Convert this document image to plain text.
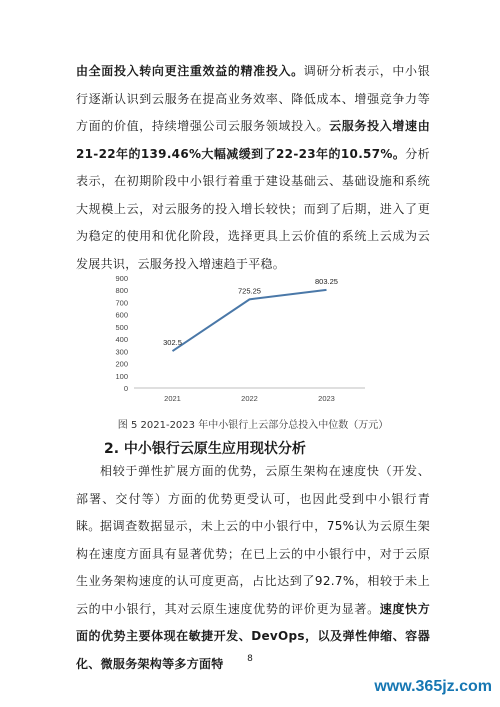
由全面投入转向更注重效益的精准投入。调研分析表示，中小银行逐渐认识到云服务在提高业务效率、降低成本、增强竞争力等方面的价值，持续增强公司云服务领域投入。云服务投入增速由21-22年的139.46%大幅减缓到了22-23年的10.57%。分析表示，在初期阶段中小银行着重于建设基础云、基础设施和系统大规模上云，对云服务的投入增长较快；而到了后期，进入了更为稳定的使用和优化阶段，选择更具上云价值的系统上云成为云发展共识，云服务投入增速趋于平稳。

0
100
200
300
400
500
600
700
800
900
2021	2022	2023
302.5
725.25
803.25

图 5 2021-2023 年中小银行上云部分总投入中位数（万元）

2. 中小银行云原生应用现状分析

相较于弹性扩展方面的优势，云原生架构在速度快（开发、部署、交付等）方面的优势更受认可，也因此受到中小银行青睐。 据调查数据显示，未上云的中小银行中，75%认为云原生架构在速度方面具有显著优势；在已上云的中小银行中，对于云原生业务架构速度的认可度更高，占比达到了92.7%，相较于未上云的中小银行，其对云原生速度优势的评价更为显著。速度快方面的优势主要体现在敏捷开发、DevOps，以及弹性伸缩、容器化、微服务架构等多方面特	8
www.365jz.com
